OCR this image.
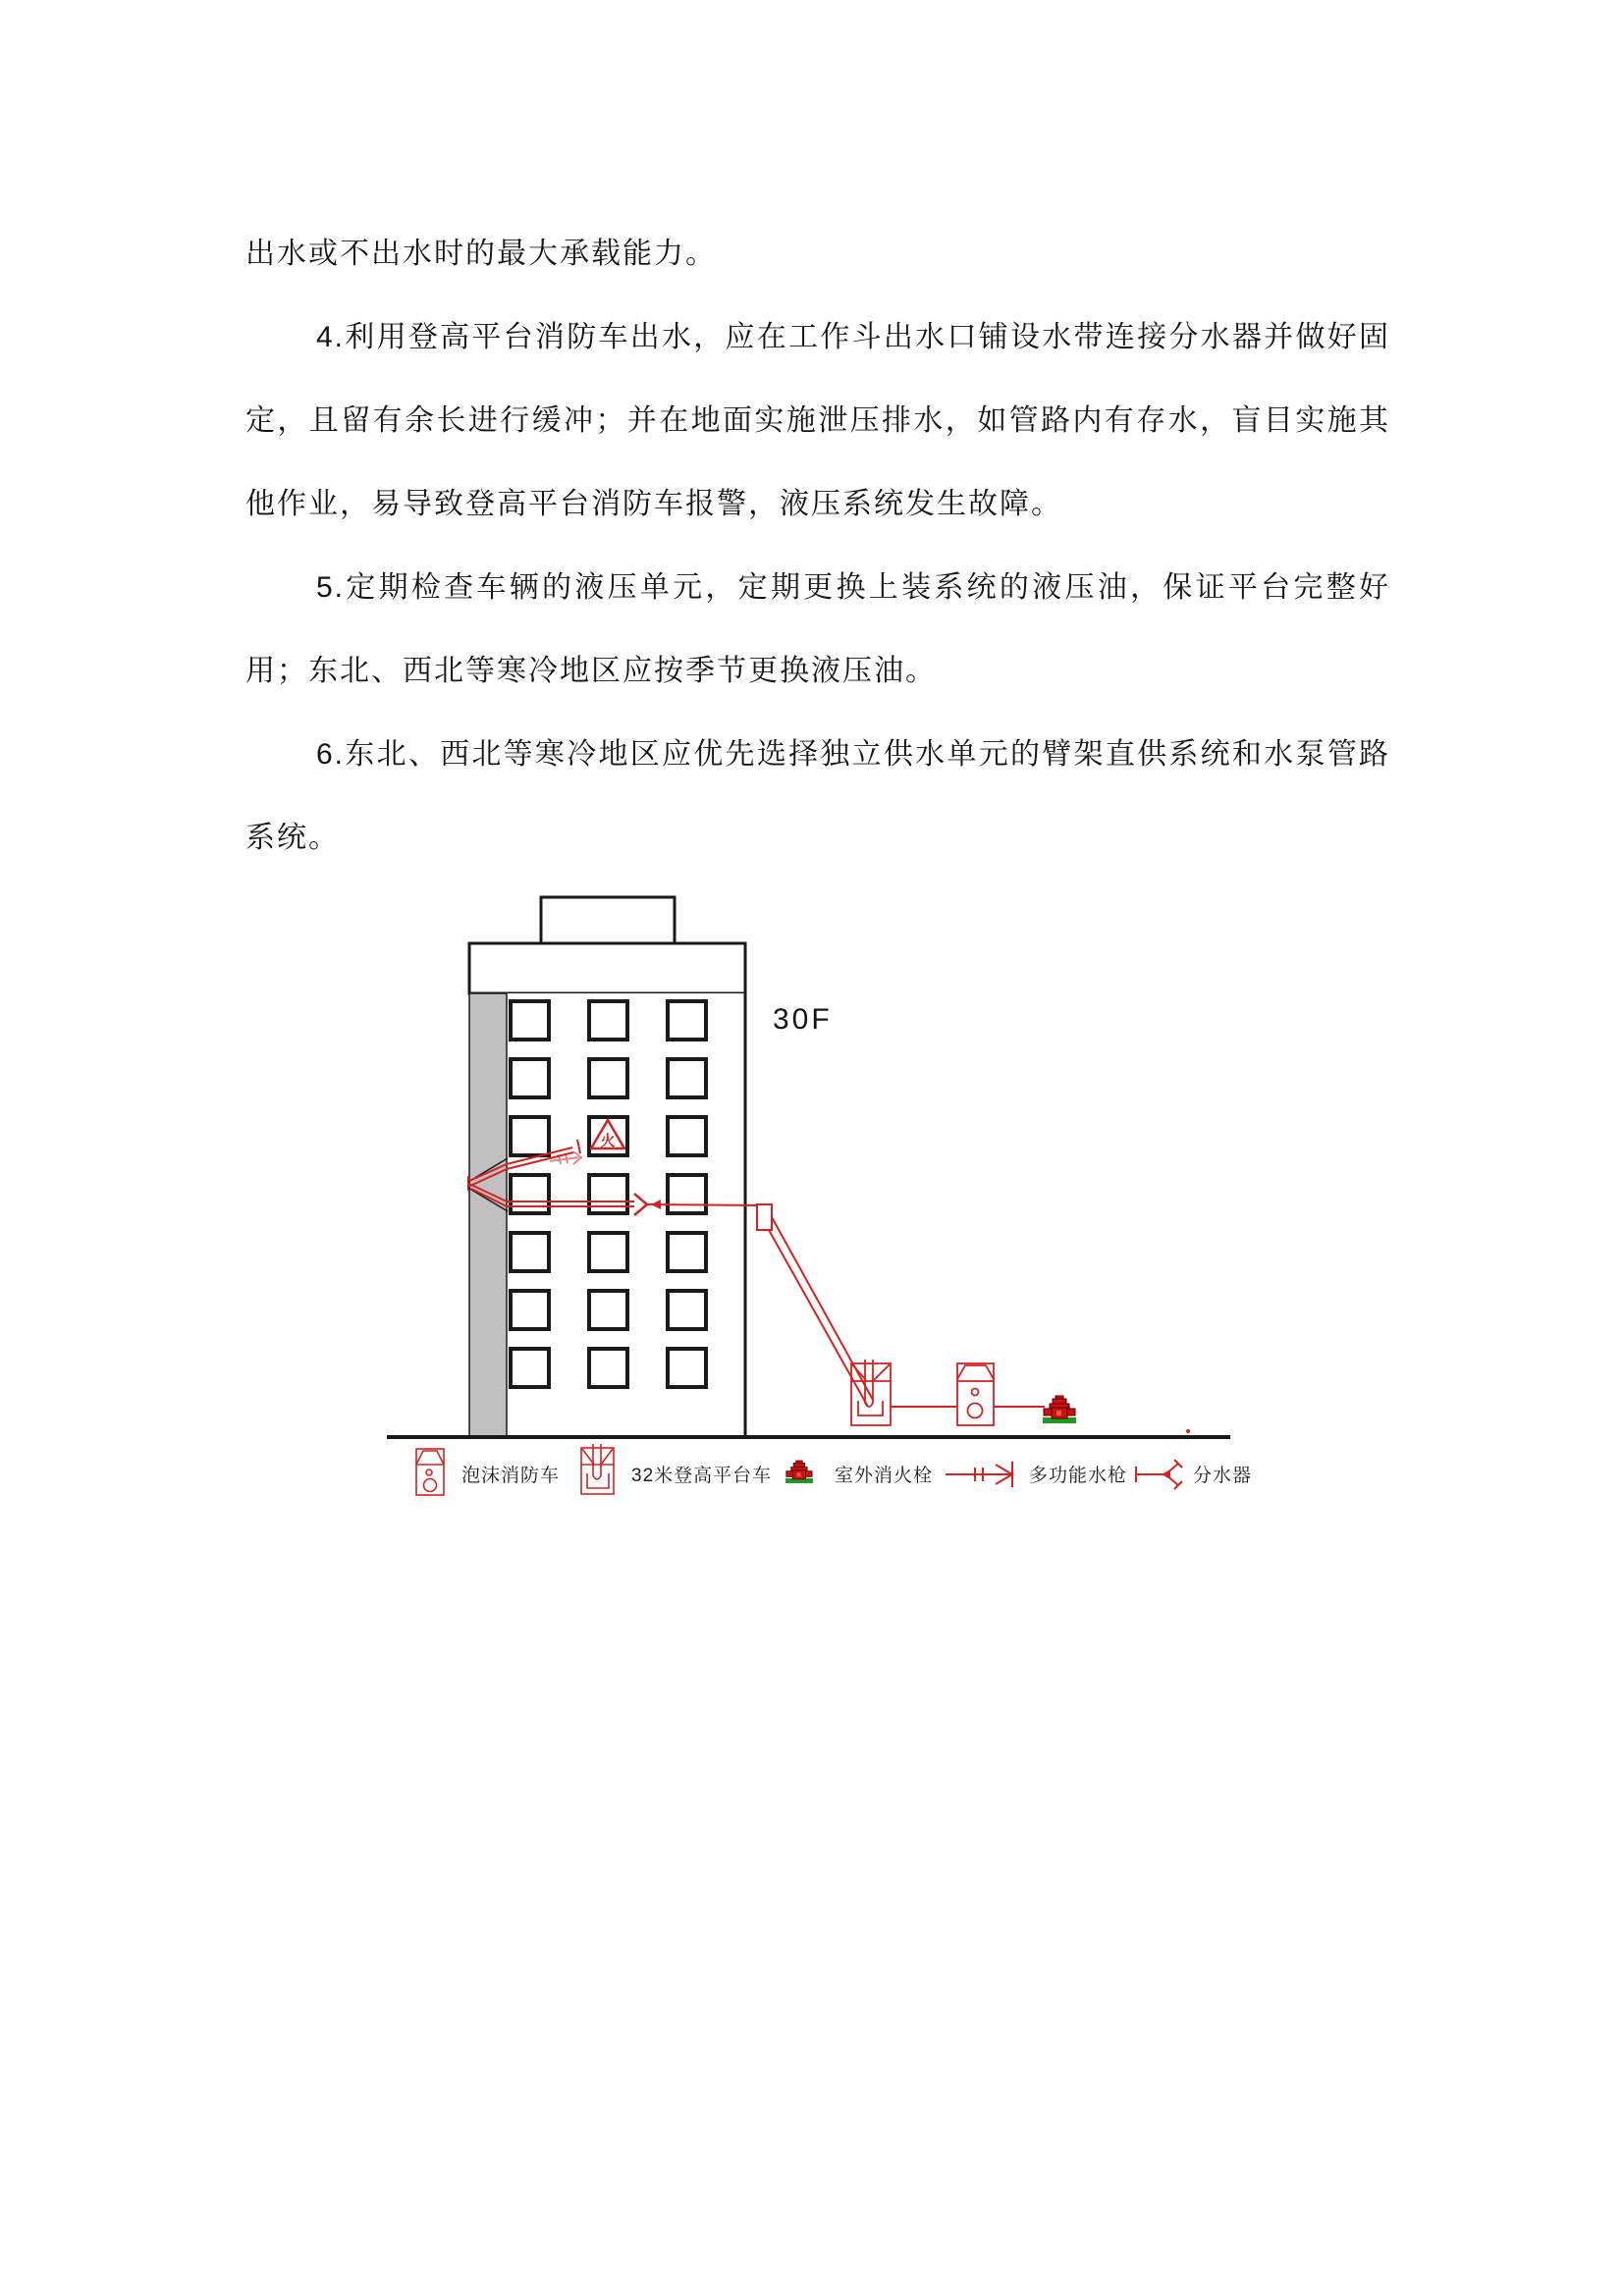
出水或不出水时的最大承载能力。

4.利用登高平台消防车出水，应在工作斗出水口铺设水带连接分水器并做好固定，且留有余长进行缓冲；并在地面实施泄压排水，如管路内有存水，盲目实施其他作业，易导致登高平台消防车报警，液压系统发生故障。

5.定期检查车辆的液压单元，定期更换上装系统的液压油，保证平台完整好用；东北、西北等寒冷地区应按季节更换液压油。

6.东北、西北等寒冷地区应优先选择独立供水单元的臂架直供系统和水泵管路系统。

30F
火
泡沫消防车	32米登高平台车	室外消火栓	多功能水枪	分水器
